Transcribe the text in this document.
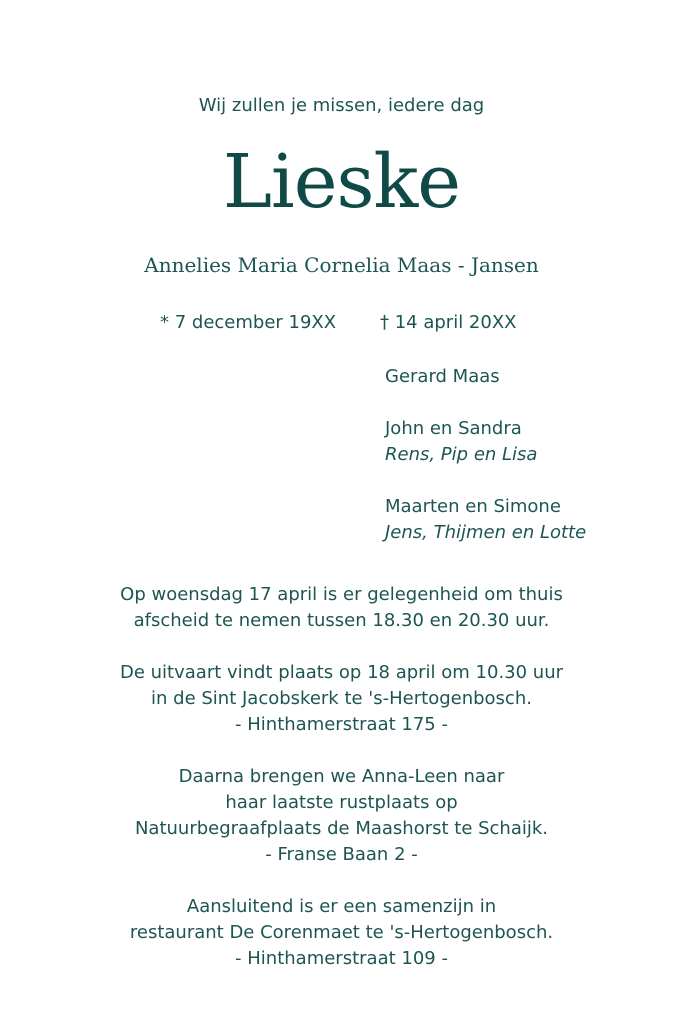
Wij zullen je missen, iedere dag
Lieske
Annelies Maria Cornelia Maas - Jansen
* 7 december 19XX † 14 april 20XX
Gerard Maas
John en Sandra
Rens, Pip en Lisa
Maarten en Simone
Jens, Thijmen en Lotte
Op woensdag 17 april is er gelegenheid om thuis
afscheid te nemen tussen 18.30 en 20.30 uur.
De uitvaart vindt plaats op 18 april om 10.30 uur
in de Sint Jacobskerk te 's-Hertogenbosch.
- Hinthamerstraat 175 -
Daarna brengen we Anna-Leen naar
haar laatste rustplaats op
Natuurbegraafplaats de Maashorst te Schaijk.
- Franse Baan 2 -
Aansluitend is er een samenzijn in
restaurant De Corenmaet te 's-Hertogenbosch.
- Hinthamerstraat 109 -
